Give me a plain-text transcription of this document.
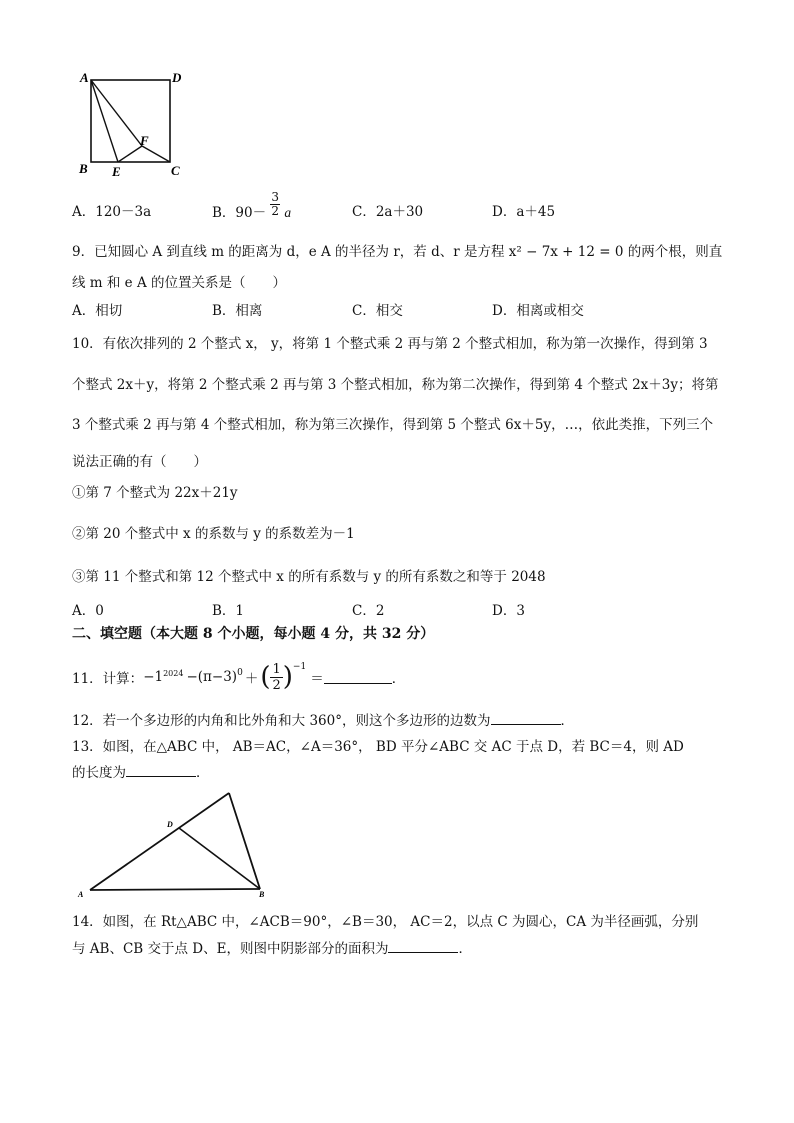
A	D
B E	C
F
A．120－3a	B．$90- \frac{3}{2}$ a	C．2a＋30	D．a＋45
9．已知圆心 A 到直线 m 的距离为 d，e A 的半径为 r，若 d、r 是方程 x² − 7x + 12 = 0 的两个根，则直
线 m 和 e A 的位置关系是（　　）
A．相切	B．相离	C．相交	D．相离或相交
10．有依次排列的 2 个整式 x， y，将第 1 个整式乘 2 再与第 2 个整式相加，称为第一次操作，得到第 3
个整式 2x＋y，将第 2 个整式乘 2 再与第 3 个整式相加，称为第二次操作，得到第 4 个整式 2x＋3y；将第
3 个整式乘 2 再与第 4 个整式相加，称为第三次操作，得到第 5 个整式 6x＋5y，…，依此类推，下列三个
说法正确的有（　　）
①第 7 个整式为 22x＋21y
②第 20 个整式中 x 的系数与 y 的系数差为－1
③第 11 个整式和第 12 个整式中 x 的所有系数与 y 的所有系数之和等于 2048
A．0	B．1	C．2	D．3
二、填空题（本大题 8 个小题，每小题 4 分，共 32 分）
11．计算： $-1^{2024} -(\pi-3)^0$ ＋ ( 1
2 )$^{-1}$
＝	．
12．若一个多边形的内角和比外角和大 360°，则这个多边形的边数为	．
13．如图，在△ABC 中， AB＝AC，∠A＝36°， BD 平分∠ABC 交 AC 于点 D，若 BC＝4，则 AD
的长度为	．
A
D
B
14．如图，在 Rt△ABC 中，∠ACB＝90°，∠B＝30， AC＝2，以点 C 为圆心，CA 为半径画弧，分别
与 AB、CB 交于点 D、E，则图中阴影部分的面积为	．
